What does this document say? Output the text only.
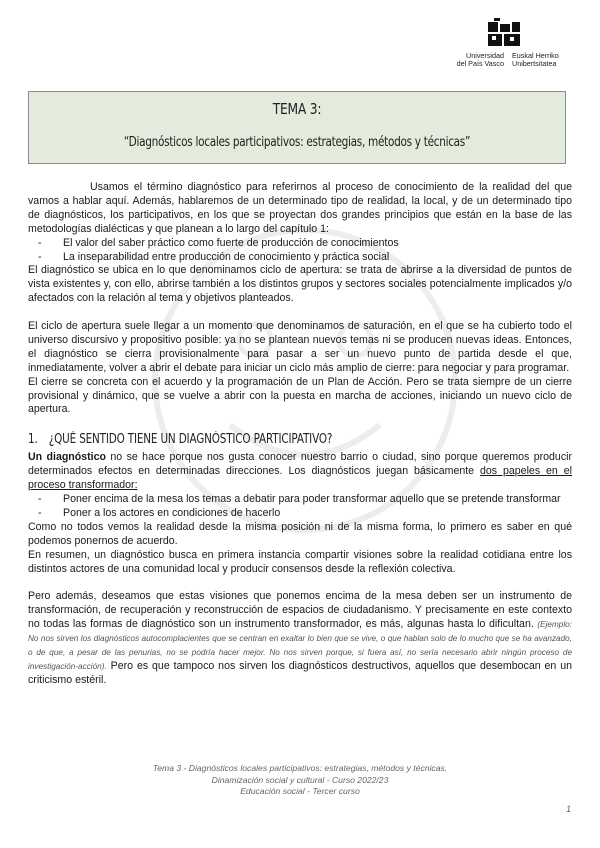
Universidad
del País Vasco
Euskal Herriko
Unibertsitatea
TEMA 3:
“Diagnósticos locales participativos: estrategias, métodos y técnicas”

Usamos el término diagnóstico para referirnos al proceso de conocimiento de la realidad del que vamos a hablar aquí. Además, hablaremos de un determinado tipo de realidad, la local, y de un determinado tipo de diagnósticos, los participativos, en los que se proyectan dos grandes principios que están en la base de las metodologías dialécticas y que planean a lo largo del capítulo 1:

- El valor del saber práctico como fuerte de producción de conocimientos
- La inseparabilidad entre producción de conocimiento y práctica social

El diagnóstico se ubica en lo que denominamos ciclo de apertura: se trata de abrirse a la diversidad de puntos de vista existentes y, con ello, abrirse también a los distintos grupos y sectores sociales potencialmente implicados y/o afectados con la relación al tema y objetivos planteados.

El ciclo de apertura suele llegar a un momento que denominamos de saturación, en el que se ha cubierto todo el universo discursivo y propositivo posible: ya no se plantean nuevos temas ni se producen nuevas ideas. Entonces, el diagnóstico se cierra provisionalmente para pasar a ser un nuevo punto de partida desde el que, inmediatamente, volver a abrir el debate para iniciar un ciclo más amplio de cierre: para negociar y para programar.

El cierre se concreta con el acuerdo y la programación de un Plan de Acción. Pero se trata siempre de un cierre provisional y dinámico, que se vuelve a abrir con la puesta en marcha de acciones, iniciando un nuevo ciclo de apertura.

1. ¿QUÉ SENTIDO TIENE UN DIAGNÓSTICO PARTICIPATIVO?

Un diagnóstico no se hace porque nos gusta conocer nuestro barrio o ciudad, sino porque queremos producir determinados efectos en determinadas direcciones. Los diagnósticos juegan básicamente dos papeles en el proceso transformador:

- Poner encima de la mesa los temas a debatir para poder transformar aquello que se pretende transformar
- Poner a los actores en condiciones de hacerlo

Como no todos vemos la realidad desde la misma posición ni de la misma forma, lo primero es saber en qué podemos ponernos de acuerdo.

En resumen, un diagnóstico busca en primera instancia compartir visiones sobre la realidad cotidiana entre los distintos actores de una comunidad local y producir consensos desde la reflexión colectiva.

Pero además, deseamos que estas visiones que ponemos encima de la mesa deben ser un instrumento de transformación, de recuperación y reconstrucción de espacios de ciudadanismo. Y precisamente en este contexto no todas las formas de diagnóstico son un instrumento transformador, es más, algunas hasta lo dificultan. (Ejemplo: No nos sirven los diagnósticos autocomplacientes que se centran en exaltar lo bien que se vive, o que hablan solo de lo mucho que se ha avanzado, o de que, a pesar de las penurias, no se podría hacer mejor. No nos sirven porque, si fuera así, no sería necesario abrir ningún proceso de investigación-acción). Pero es que tampoco nos sirven los diagnósticos destructivos, aquellos que desembocan en un criticismo estéril.

Tema 3 - Diagnósticos locales participativos: estrategias, métodos y técnicas.
Dinamización social y cultural - Curso 2022/23
Educación social - Tercer curso
1
